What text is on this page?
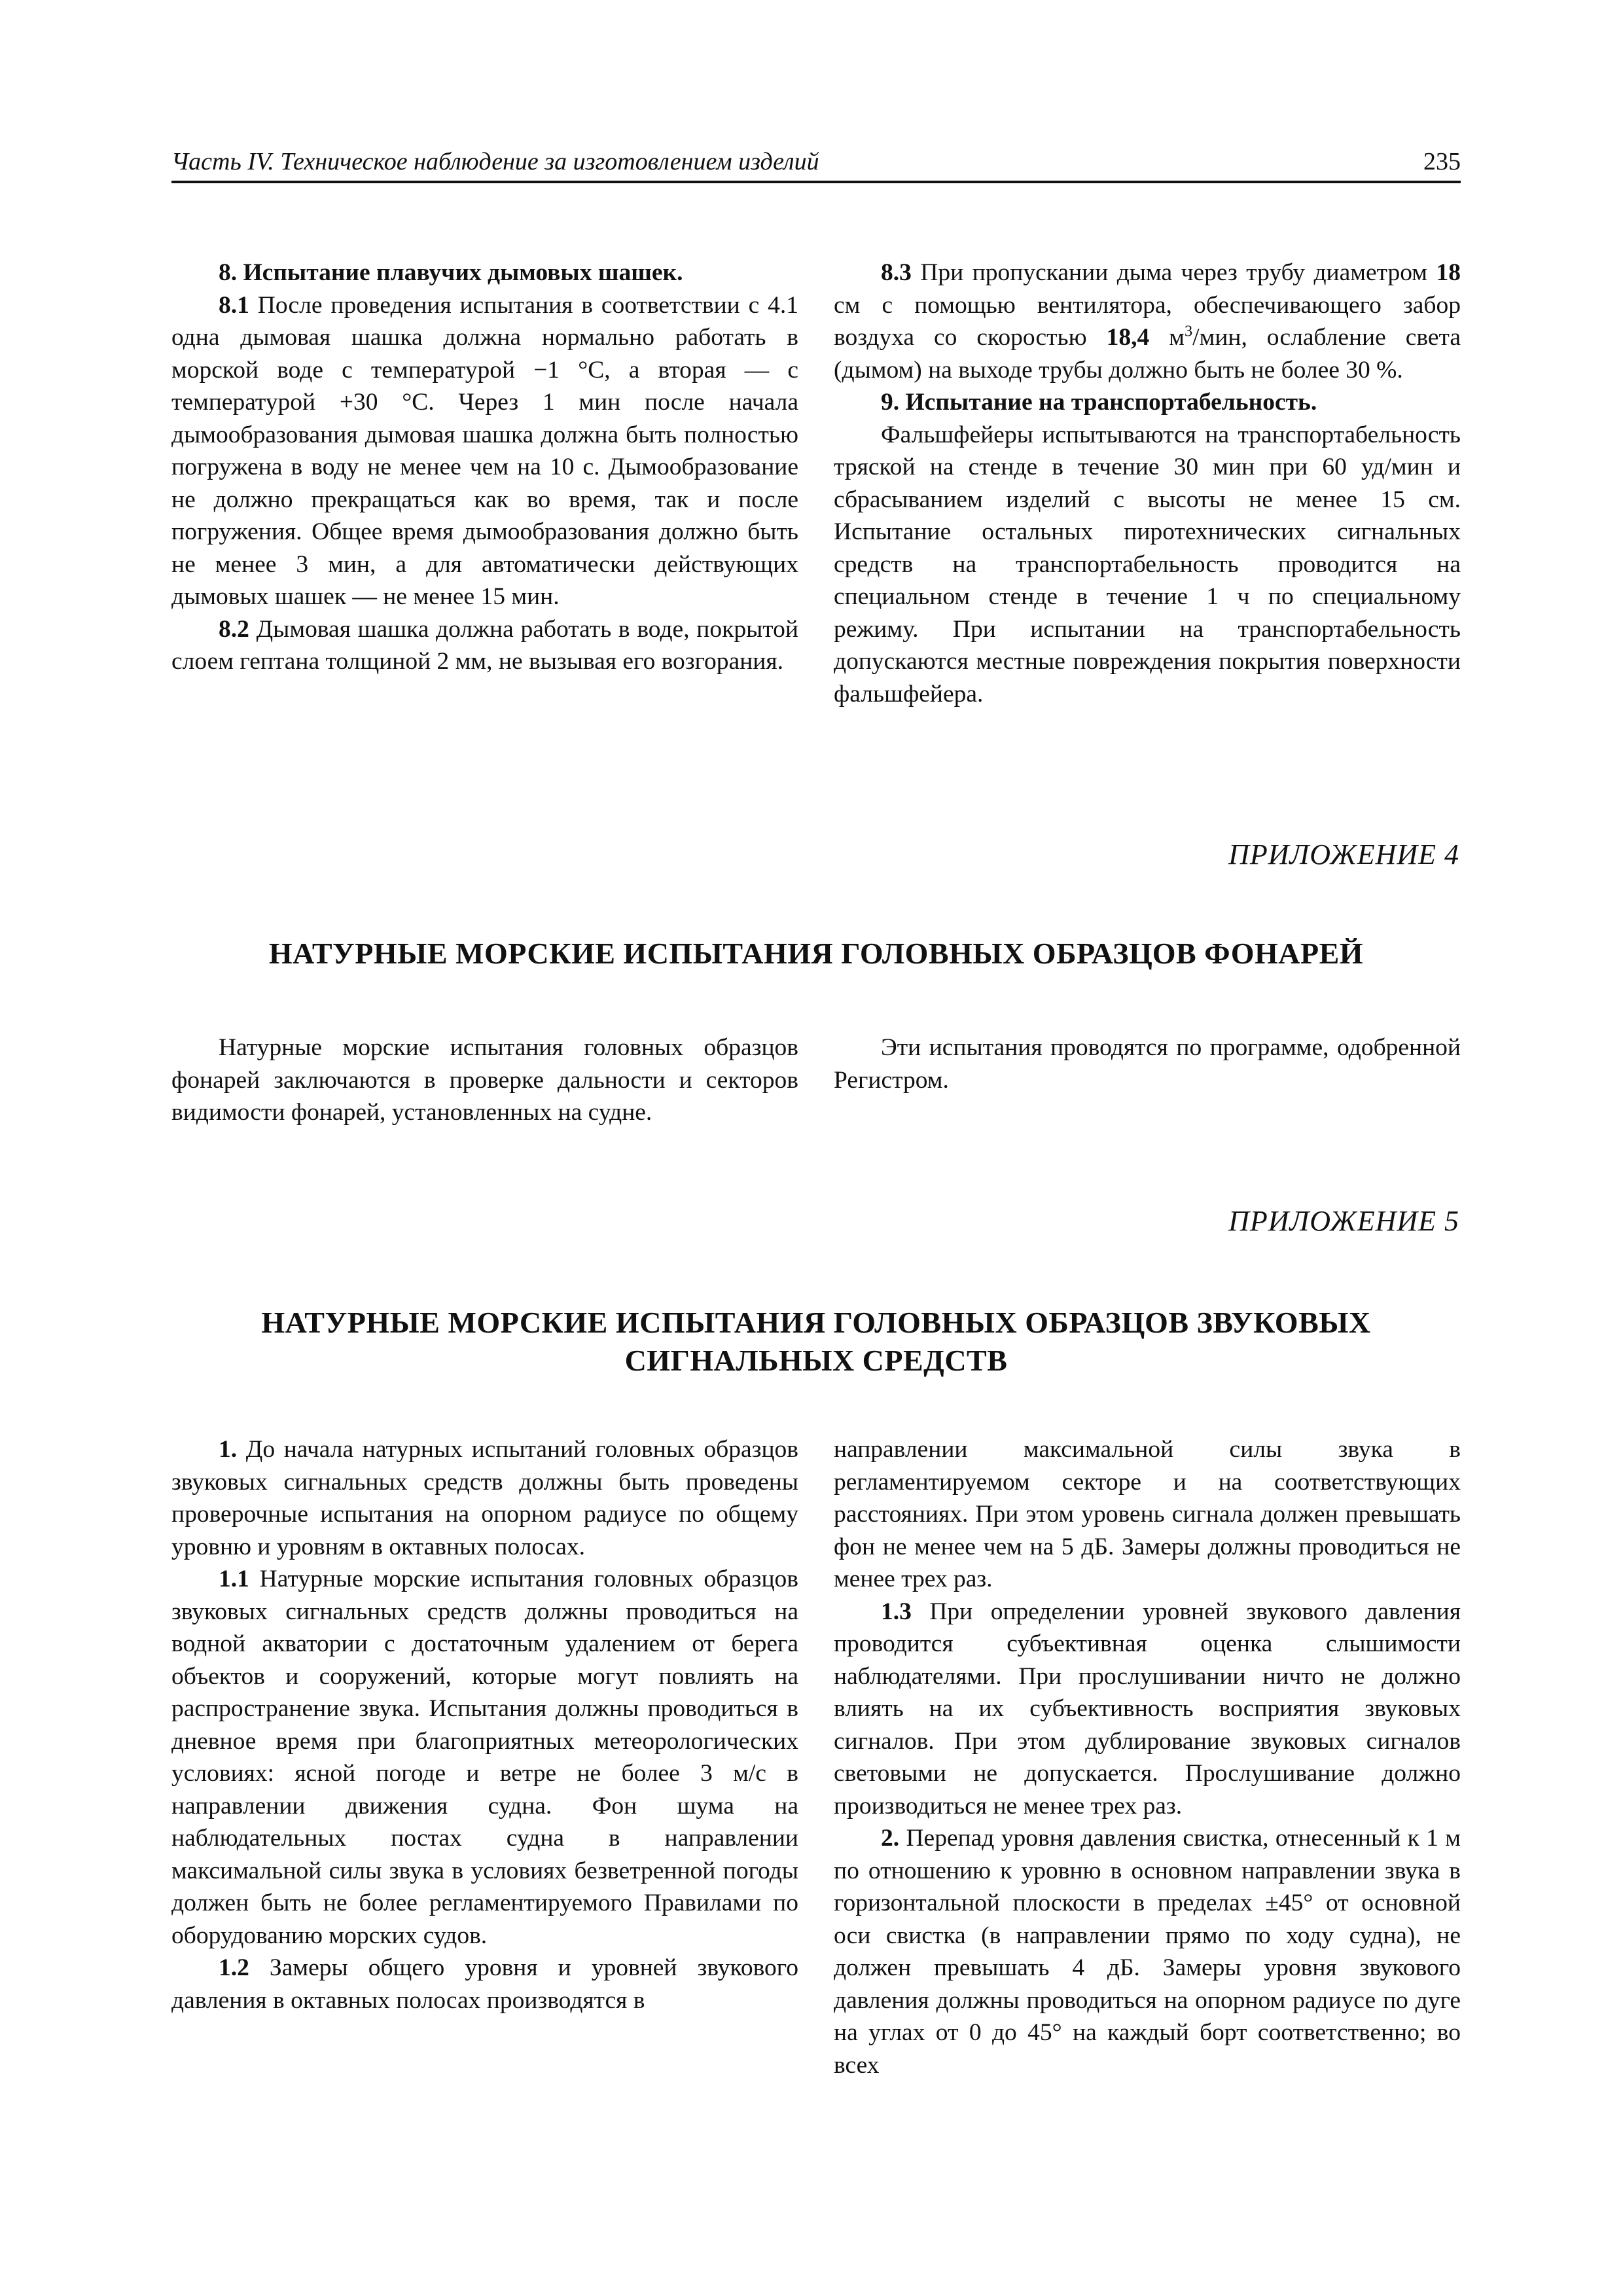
Часть IV. Техническое наблюдение за изготовлением изделий	235

8. Испытание плавучих дымовых шашек.

8.1 После проведения испытания в соответствии с 4.1 одна дымовая шашка должна нормально работать в морской воде с температурой −1 °С, а вторая — с температурой +30 °С. Через 1 мин после начала дымообразования дымовая шашка должна быть полностью погружена в воду не менее чем на 10 с. Дымообразование не должно прекращаться как во время, так и после погружения. Общее время дымообразования должно быть не менее 3 мин, а для автоматически действующих дымовых шашек — не менее 15 мин.

8.2 Дымовая шашка должна работать в воде, покрытой слоем гептана толщиной 2 мм, не вызывая его возгорания.

8.3 При пропускании дыма через трубу диаметром 18 см с помощью вентилятора, обеспечивающего забор воздуха со скоростью 18,4 $м^3$/мин, ослабление света (дымом) на выходе трубы должно быть не более 30 %.

9. Испытание на транспортабельность.

Фальшфейеры испытываются на транспортабельность тряской на стенде в течение 30 мин при 60 уд/мин и сбрасыванием изделий с высоты не менее 15 см. Испытание остальных пиротехнических сигнальных средств на транспортабельность проводится на специальном стенде в течение 1 ч по специальному режиму. При испытании на транспортабельность допускаются местные повреждения покрытия поверхности фальшфейера.

ПРИЛОЖЕНИЕ 4
НАТУРНЫЕ МОРСКИЕ ИСПЫТАНИЯ ГОЛОВНЫХ ОБРАЗЦОВ ФОНАРЕЙ

Натурные морские испытания головных образцов фонарей заключаются в проверке дальности и секторов видимости фонарей, установленных на судне.

Эти испытания проводятся по программе, одобренной Регистром.

ПРИЛОЖЕНИЕ 5
НАТУРНЫЕ МОРСКИЕ ИСПЫТАНИЯ ГОЛОВНЫХ ОБРАЗЦОВ ЗВУКОВЫХ
СИГНАЛЬНЫХ СРЕДСТВ

1. До начала натурных испытаний головных образцов звуковых сигнальных средств должны быть проведены проверочные испытания на опорном радиусе по общему уровню и уровням в октавных полосах.

1.1 Натурные морские испытания головных образцов звуковых сигнальных средств должны проводиться на водной акватории с достаточным удалением от берега объектов и сооружений, которые могут повлиять на распространение звука. Испытания должны проводиться в дневное время при благоприятных метеорологических условиях: ясной погоде и ветре не более 3 м/с в направлении движения судна. Фон шума на наблюдательных постах судна в направлении максимальной силы звука в условиях безветренной погоды должен быть не более регламентируемого Правилами по оборудованию морских судов.

1.2 Замеры общего уровня и уровней звукового давления в октавных полосах производятся в

направлении максимальной силы звука в регламентируемом секторе и на соответствующих расстояниях. При этом уровень сигнала должен превышать фон не менее чем на 5 дБ. Замеры должны проводиться не менее трех раз.

1.3 При определении уровней звукового давления проводится субъективная оценка слышимости наблюдателями. При прослушивании ничто не должно влиять на их субъективность восприятия звуковых сигналов. При этом дублирование звуковых сигналов световыми не допускается. Прослушивание должно производиться не менее трех раз.

2. Перепад уровня давления свистка, отнесенный к 1 м по отношению к уровню в основном направлении звука в горизонтальной плоскости в пределах ±45° от основной оси свистка (в направлении прямо по ходу судна), не должен превышать 4 дБ. Замеры уровня звукового давления должны проводиться на опорном радиусе по дуге на углах от 0 до 45° на каждый борт соответственно; во всех
